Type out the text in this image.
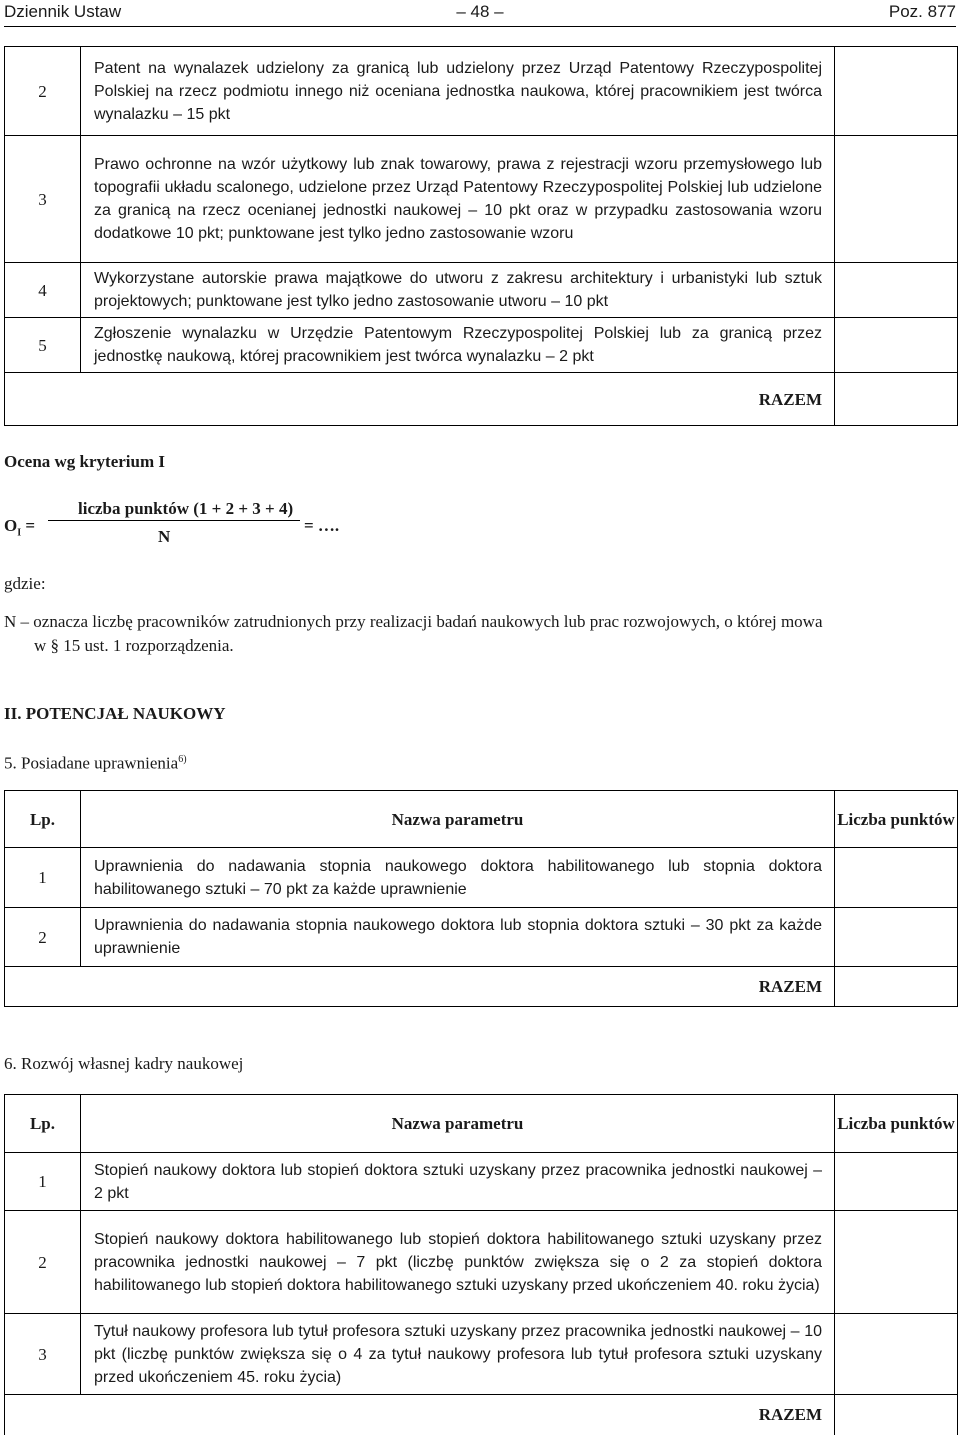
Dziennik Ustaw	– 48 –	Poz. 877
2	Patent na wynalazek udzielony za granicą lub udzielony przez Urząd Patentowy Rzeczypospolitej Polskiej na rzecz podmiotu innego niż oceniana jednostka naukowa, której pracownikiem jest twórca wynalazku – 15 pkt	
3	Prawo ochronne na wzór użytkowy lub znak towarowy, prawa z rejestracji wzoru przemysłowego lub topografii układu scalonego, udzielone przez Urząd Patentowy Rzeczypospolitej Polskiej lub udzielone za granicą na rzecz ocenianej jednostki naukowej – 10 pkt oraz w przypadku zastosowania wzoru dodatkowe 10 pkt; punktowane jest tylko jedno zastosowanie wzoru	
4	Wykorzystane autorskie prawa majątkowe do utworu z zakresu architektury i urbanistyki lub sztuk projektowych; punktowane jest tylko jedno zastosowanie utworu – 10 pkt	
5	Zgłoszenie wynalazku w Urzędzie Patentowym Rzeczypospolitej Polskiej lub za granicą przez jednostkę naukową, której pracownikiem jest twórca wynalazku – 2 pkt	
RAZEM		
Ocena wg kryterium I
$O_I$ =
liczba punktów (1 + 2 + 3 + 4)
N
= ….
gdzie:
N – oznacza liczbę pracowników zatrudnionych przy realizacji badań naukowych lub prac rozwojowych, o której mowa
w § 15 ust. 1 rozporządzenia.
II. POTENCJAŁ NAUKOWY
5. Posiadane uprawnienia$^{6)}$
Lp.	Nazwa parametru	Liczba punktów
1	Uprawnienia do nadawania stopnia naukowego doktora habilitowanego lub stopnia doktora habilitowanego sztuki – 70 pkt za każde uprawnienie	
2	Uprawnienia do nadawania stopnia naukowego doktora lub stopnia doktora sztuki – 30 pkt za każde uprawnienie	
RAZEM		
6. Rozwój własnej kadry naukowej
Lp.	Nazwa parametru	Liczba punktów
1	Stopień naukowy doktora lub stopień doktora sztuki uzyskany przez pracownika jednostki naukowej – 2 pkt	
2	Stopień naukowy doktora habilitowanego lub stopień doktora habilitowanego sztuki uzyskany przez pracownika jednostki naukowej – 7 pkt (liczbę punktów zwiększa się o 2 za stopień doktora habilitowanego lub stopień doktora habilitowanego sztuki uzyskany przed ukończeniem 40. roku życia)	
3	Tytuł naukowy profesora lub tytuł profesora sztuki uzyskany przez pracownika jednostki naukowej – 10 pkt (liczbę punktów zwiększa się o 4 za tytuł naukowy profesora lub tytuł profesora sztuki uzyskany przed ukończeniem 45. roku życia)	
RAZEM		
